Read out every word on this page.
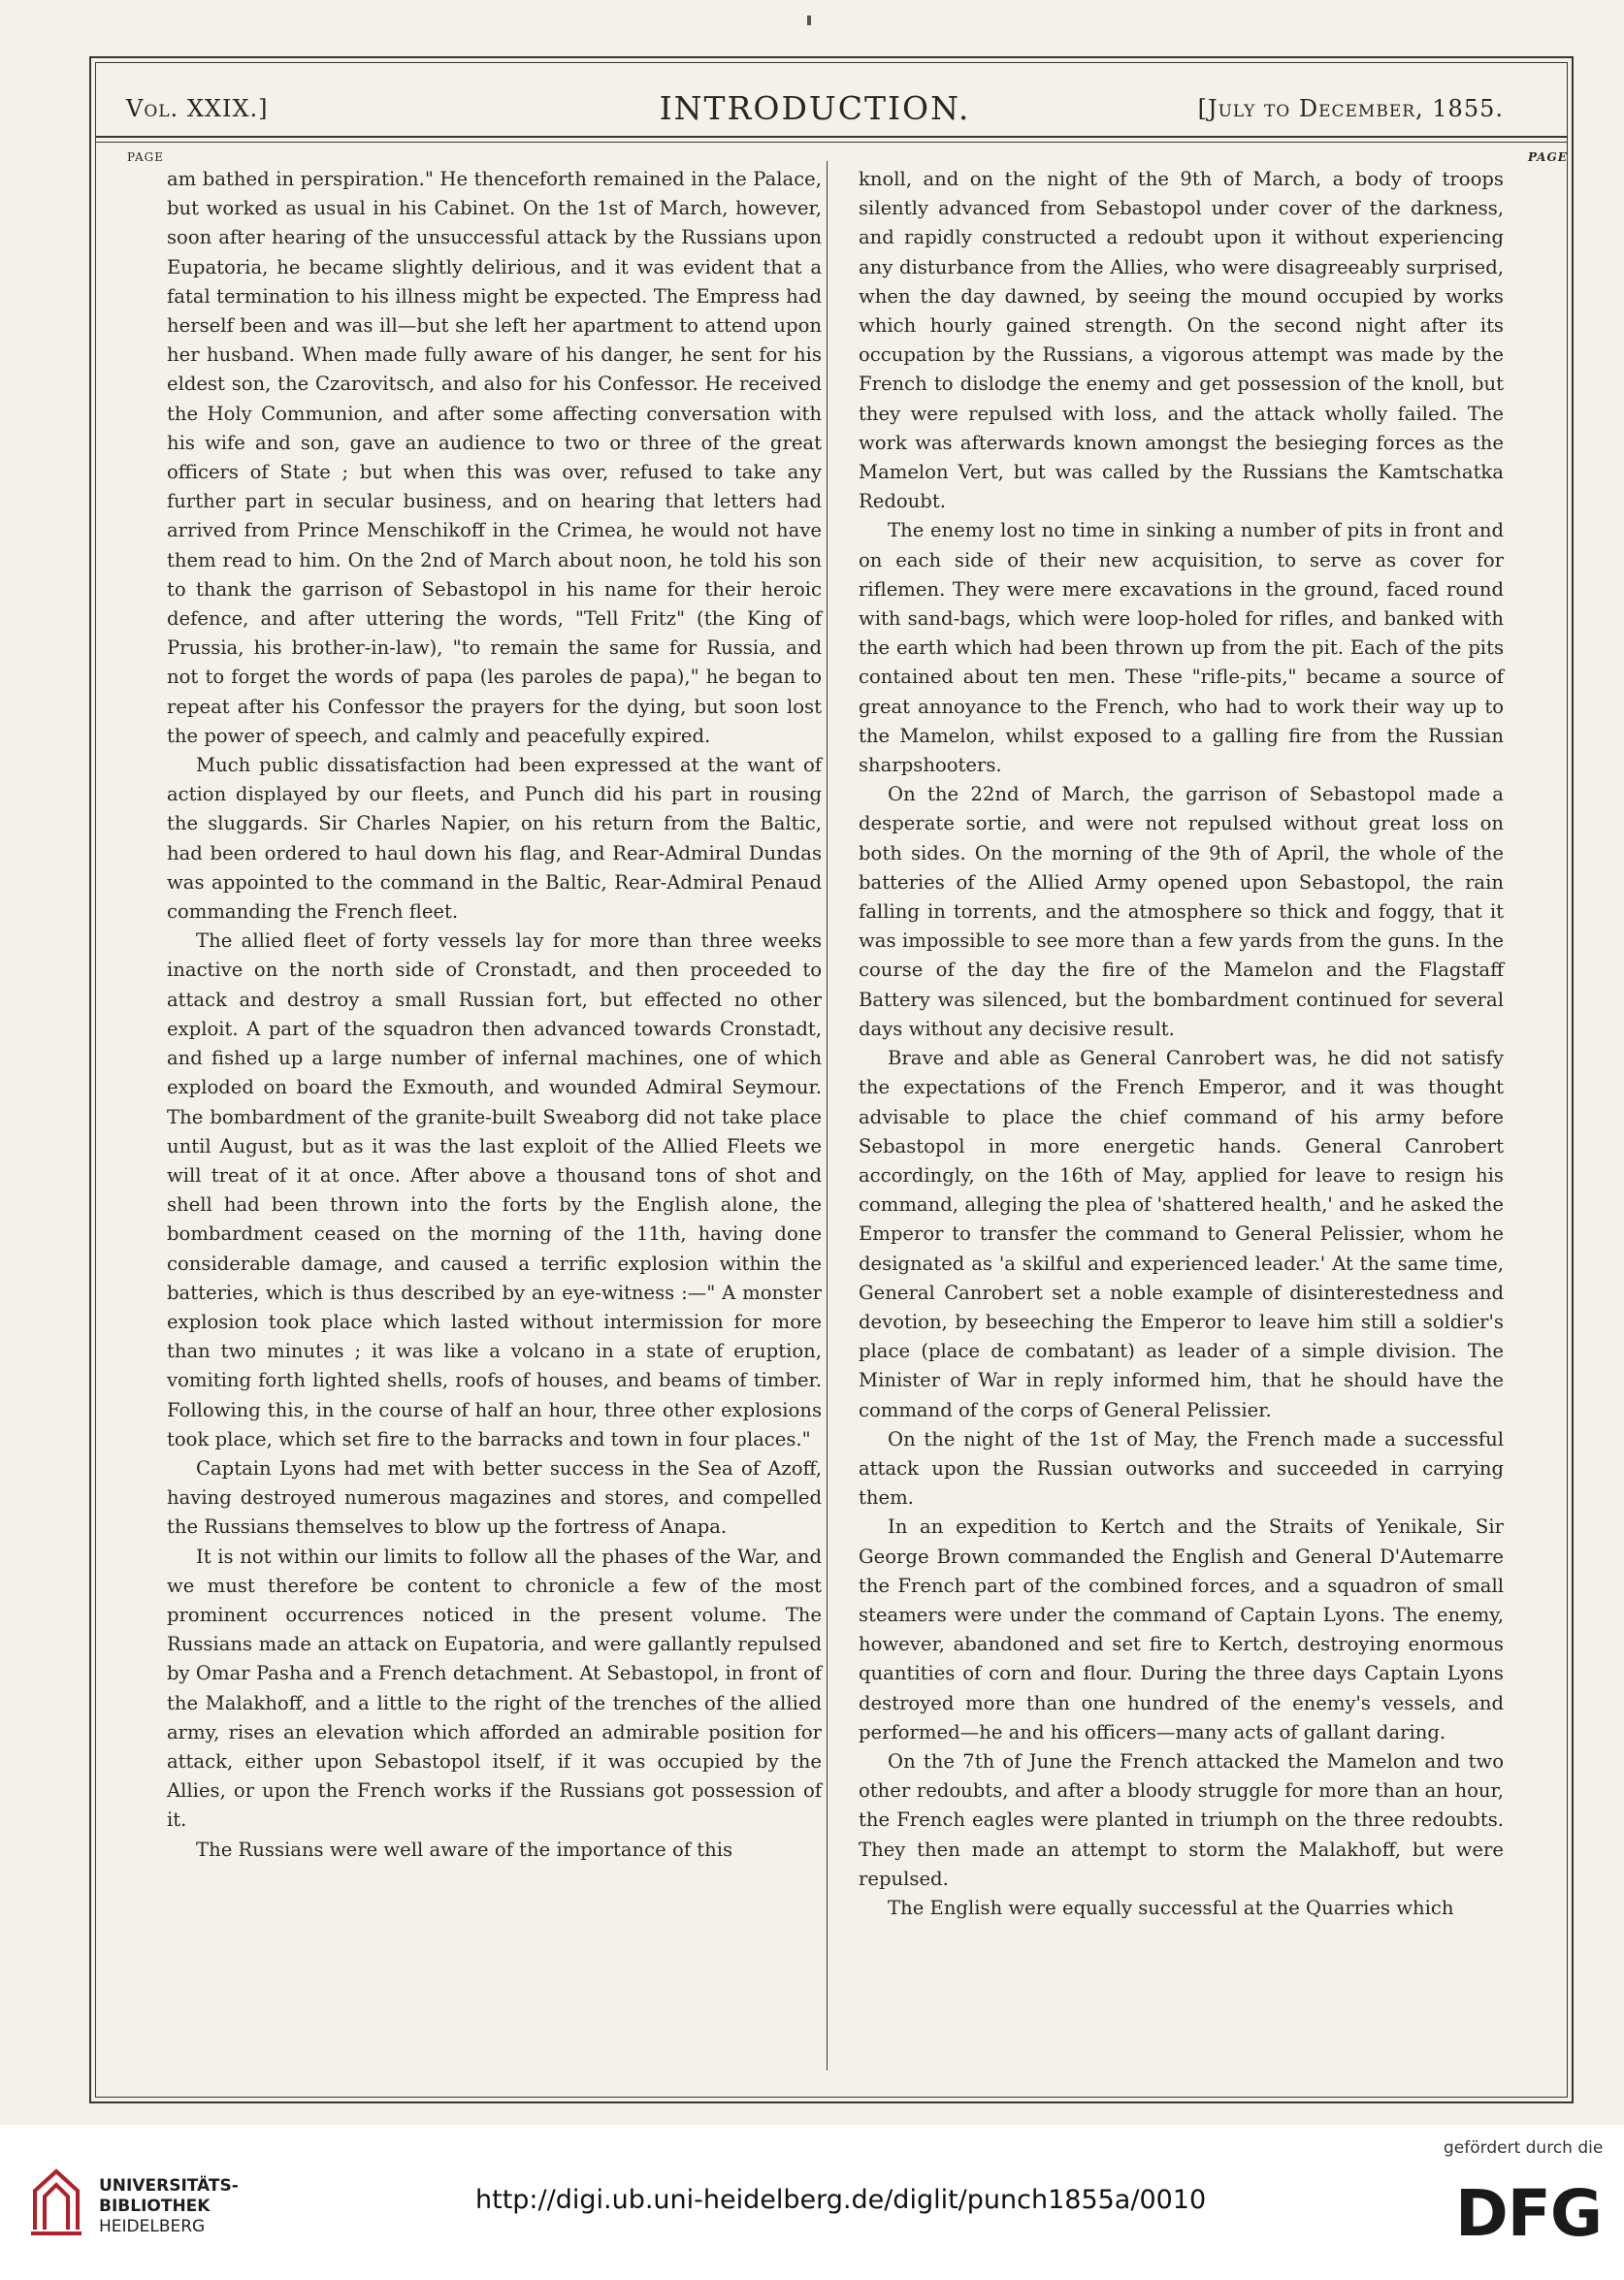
Vol. XXIX.]	INTRODUCTION.	[July to December, 1855.
PAGE	PAGE

am bathed in perspiration." He thenceforth remained in the Palace, but worked as usual in his Cabinet. On the 1st of March, however, soon after hearing of the unsuccessful attack by the Russians upon Eupatoria, he became slightly delirious, and it was evident that a fatal termination to his illness might be expected. The Empress had herself been and was ill—but she left her apartment to attend upon her husband. When made fully aware of his danger, he sent for his eldest son, the Czarovitsch, and also for his Confessor. He received the Holy Communion, and after some affecting conversation with his wife and son, gave an audience to two or three of the great officers of State ; but when this was over, refused to take any further part in secular business, and on hearing that letters had arrived from Prince Menschikoff in the Crimea, he would not have them read to him. On the 2nd of March about noon, he told his son to thank the garrison of Sebastopol in his name for their heroic defence, and after uttering the words, "Tell Fritz" (the King of Prussia, his brother-in-law), "to remain the same for Russia, and not to forget the words of papa (les paroles de papa)," he began to repeat after his Confessor the prayers for the dying, but soon lost the power of speech, and calmly and peacefully expired.

Much public dissatisfaction had been expressed at the want of action displayed by our fleets, and Punch did his part in rousing the sluggards. Sir Charles Napier, on his return from the Baltic, had been ordered to haul down his flag, and Rear-Admiral Dundas was appointed to the command in the Baltic, Rear-Admiral Penaud commanding the French fleet.

The allied fleet of forty vessels lay for more than three weeks inactive on the north side of Cronstadt, and then proceeded to attack and destroy a small Russian fort, but effected no other exploit. A part of the squadron then advanced towards Cronstadt, and fished up a large number of infernal machines, one of which exploded on board the Exmouth, and wounded Admiral Seymour. The bombardment of the granite-built Sweaborg did not take place until August, but as it was the last exploit of the Allied Fleets we will treat of it at once. After above a thousand tons of shot and shell had been thrown into the forts by the English alone, the bombardment ceased on the morning of the 11th, having done considerable damage, and caused a terrific explosion within the batteries, which is thus described by an eye-witness :—" A monster explosion took place which lasted without intermission for more than two minutes ; it was like a volcano in a state of eruption, vomiting forth lighted shells, roofs of houses, and beams of timber. Following this, in the course of half an hour, three other explosions took place, which set fire to the barracks and town in four places."

Captain Lyons had met with better success in the Sea of Azoff, having destroyed numerous magazines and stores, and compelled the Russians themselves to blow up the fortress of Anapa.

It is not within our limits to follow all the phases of the War, and we must therefore be content to chronicle a few of the most prominent occurrences noticed in the present volume. The Russians made an attack on Eupatoria, and were gallantly repulsed by Omar Pasha and a French detachment. At Sebastopol, in front of the Malakhoff, and a little to the right of the trenches of the allied army, rises an elevation which afforded an admirable position for attack, either upon Sebastopol itself, if it was occupied by the Allies, or upon the French works if the Russians got possession of it.

The Russians were well aware of the importance of this

knoll, and on the night of the 9th of March, a body of troops silently advanced from Sebastopol under cover of the darkness, and rapidly constructed a redoubt upon it without experiencing any disturbance from the Allies, who were disagreeably surprised, when the day dawned, by seeing the mound occupied by works which hourly gained strength. On the second night after its occupation by the Russians, a vigorous attempt was made by the French to dislodge the enemy and get possession of the knoll, but they were repulsed with loss, and the attack wholly failed. The work was afterwards known amongst the besieging forces as the Mamelon Vert, but was called by the Russians the Kamtschatka Redoubt.

The enemy lost no time in sinking a number of pits in front and on each side of their new acquisition, to serve as cover for riflemen. They were mere excavations in the ground, faced round with sand-bags, which were loop-holed for rifles, and banked with the earth which had been thrown up from the pit. Each of the pits contained about ten men. These "rifle-pits," became a source of great annoyance to the French, who had to work their way up to the Mamelon, whilst exposed to a galling fire from the Russian sharpshooters.

On the 22nd of March, the garrison of Sebastopol made a desperate sortie, and were not repulsed without great loss on both sides. On the morning of the 9th of April, the whole of the batteries of the Allied Army opened upon Sebastopol, the rain falling in torrents, and the atmosphere so thick and foggy, that it was impossible to see more than a few yards from the guns. In the course of the day the fire of the Mamelon and the Flagstaff Battery was silenced, but the bombardment continued for several days without any decisive result.

Brave and able as General Canrobert was, he did not satisfy the expectations of the French Emperor, and it was thought advisable to place the chief command of his army before Sebastopol in more energetic hands. General Canrobert accordingly, on the 16th of May, applied for leave to resign his command, alleging the plea of 'shattered health,' and he asked the Emperor to transfer the command to General Pelissier, whom he designated as 'a skilful and experienced leader.' At the same time, General Canrobert set a noble example of disinterestedness and devotion, by beseeching the Emperor to leave him still a soldier's place (place de combatant) as leader of a simple division. The Minister of War in reply informed him, that he should have the command of the corps of General Pelissier.

On the night of the 1st of May, the French made a successful attack upon the Russian outworks and succeeded in carrying them.

In an expedition to Kertch and the Straits of Yenikale, Sir George Brown commanded the English and General D'Autemarre the French part of the combined forces, and a squadron of small steamers were under the command of Captain Lyons. The enemy, however, abandoned and set fire to Kertch, destroying enormous quantities of corn and flour. During the three days Captain Lyons destroyed more than one hundred of the enemy's vessels, and performed—he and his officers—many acts of gallant daring.

On the 7th of June the French attacked the Mamelon and two other redoubts, and after a bloody struggle for more than an hour, the French eagles were planted in triumph on the three redoubts. They then made an attempt to storm the Malakhoff, but were repulsed.

The English were equally successful at the Quarries which

UNIVERSITÄTS-
BIBLIOTHEK
HEIDELBERG
http://digi.ub.uni-heidelberg.de/diglit/punch1855a/0010
gefördert durch die
DFG
